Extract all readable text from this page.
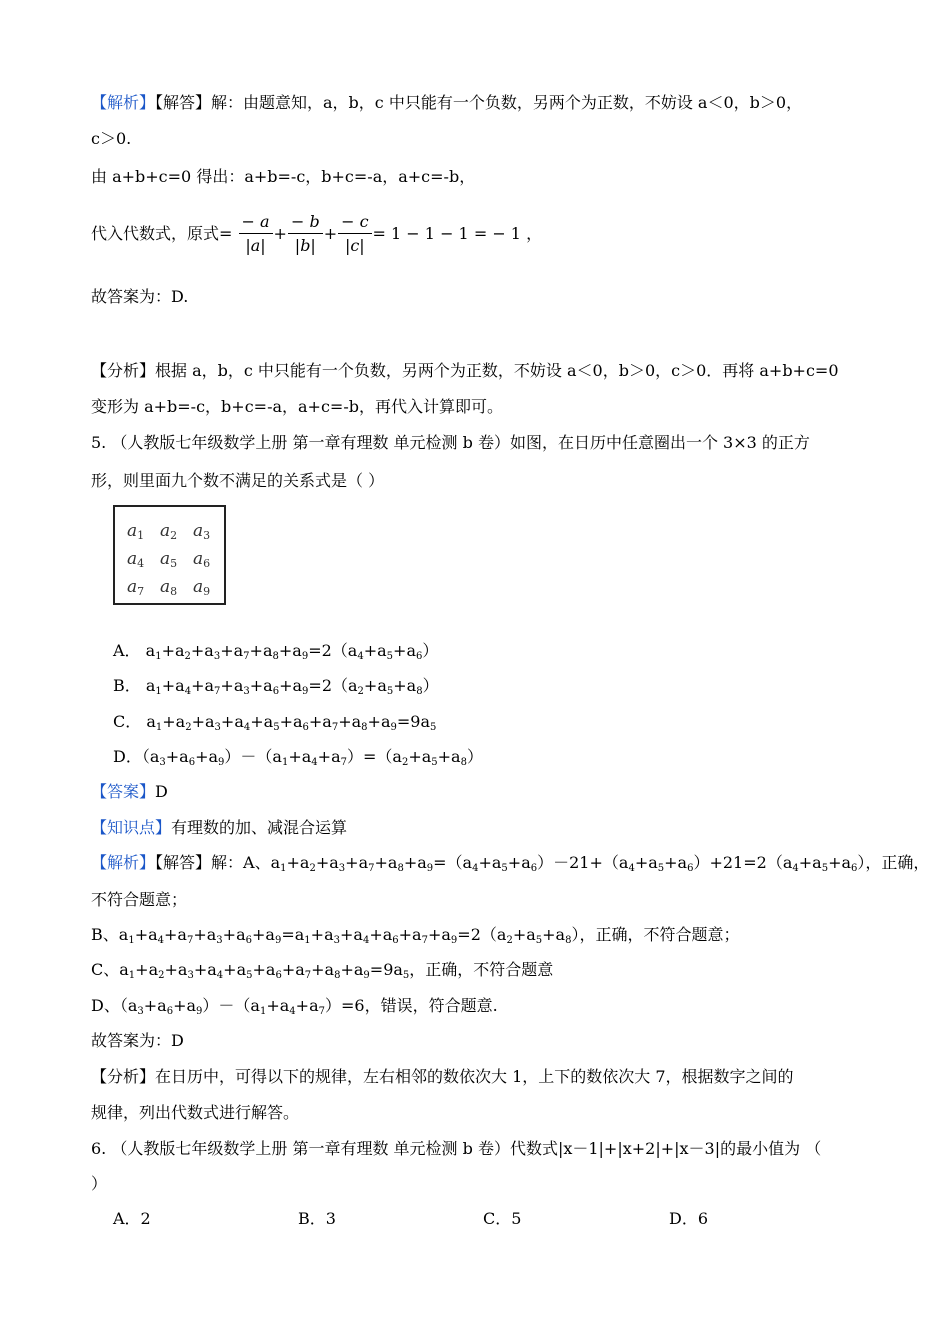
【解析】【解答】解：由题意知，a，b，c 中只能有一个负数，另两个为正数，不妨设 a＜0，b＞0，
c＞0.
由 a+b+c=0 得出：a+b=-c，b+c=-a，a+c=-b，
代入代数式，原式= $\frac{- a}{|a|} + \frac{- b}{|b|} + \frac{- c}{|c|} = 1 - 1 - 1$ = − 1 ，
故答案为：D.
【分析】根据 a，b，c 中只能有一个负数，另两个为正数，不妨设 a＜0，b＞0，c＞0．再将 a+b+c=0
变形为 a+b=-c，b+c=-a，a+c=-b，再代入计算即可。
5. （人教版七年级数学上册 第一章有理数 单元检测 b 卷）如图，在日历中任意圈出一个 3×3 的正方
形，则里面九个数不满足的关系式是（ ）
$a_1$ $a_2$ $a_3$
$a_4$ $a_5$ $a_6$
$a_7$ $a_8$ $a_9$
A． $a_1+a_2+a_3+a_7+a_8+a_9=2(a_4+a_5+a_6)$
B． $a_1+a_4+a_7+a_3+a_6+a_9=2(a_2+a_5+a_8)$
C． $a_1+a_2+a_3+a_4+a_5+a_6+a_7+a_8+a_9=9a_5$
D．$(a_3+a_6+a_9)-(a_1+a_4+a_7)=(a_2+a_5+a_8)$
【答案】D
【知识点】有理数的加、减混合运算
【解析】【解答】解：A、$a_1+a_2+a_3+a_7+a_8+a_9=(a_4+a_5+a_6)-21+(a_4+a_5+a_6)+21=2(a_4+a_5+a_6)$，正确，
不符合题意；
B、$a_1+a_4+a_7+a_3+a_6+a_9=a_1+a_3+a_4+a_6+a_7+a_9=2(a_2+a_5+a_8)$，正确，不符合题意；
C、$a_1+a_2+a_3+a_4+a_5+a_6+a_7+a_8+a_9=9a_5$，正确，不符合题意
D、$(a_3+a_6+a_9)-(a_1+a_4+a_7)=6$，错误，符合题意.
故答案为：D
【分析】在日历中，可得以下的规律，左右相邻的数依次大 1，上下的数依次大 7，根据数字之间的
规律，列出代数式进行解答。
6. （人教版七年级数学上册 第一章有理数 单元检测 b 卷）代数式|x－1|+|x+2|+|x－3|的最小值为 （
）
A．2	B．3	C．5	D．6
